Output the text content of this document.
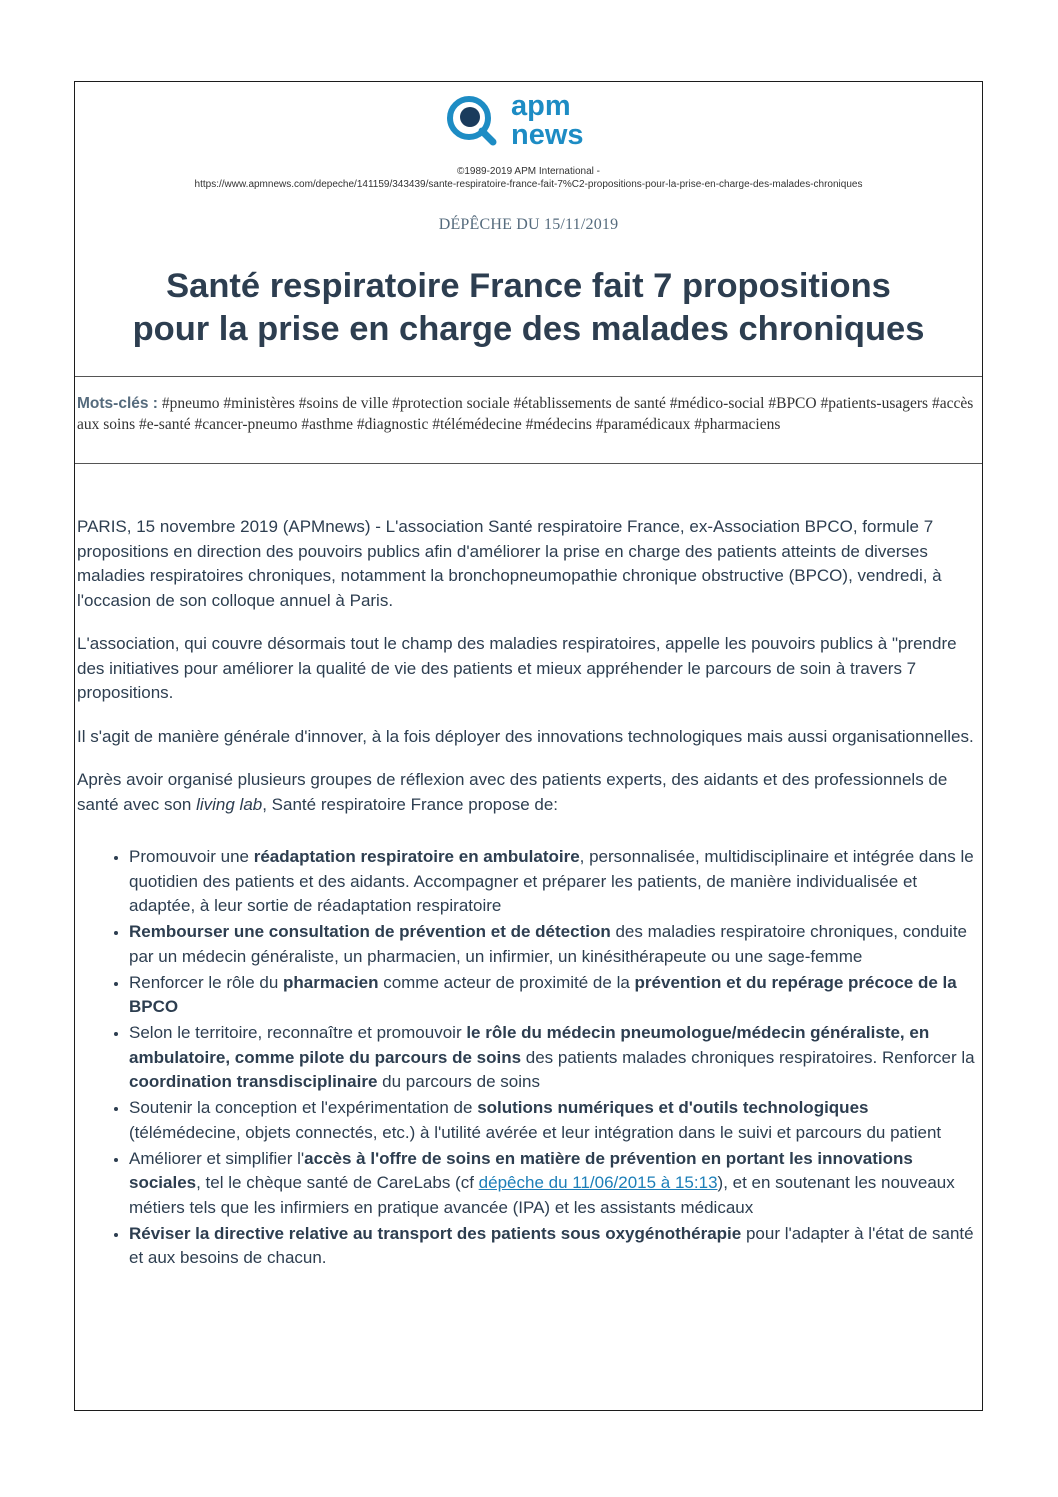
apm
news
©1989-2019 APM International -
https://www.apmnews.com/depeche/141159/343439/sante-respiratoire-france-fait-7%C2-propositions-pour-la-prise-en-charge-des-malades-chroniques
DÉPÊCHE DU 15/11/2019
Santé respiratoire France fait 7 propositions
pour la prise en charge des malades chroniques
Mots-clés : #pneumo #ministères #soins de ville #protection sociale #établissements de santé #médico-social #BPCO #patients-usagers #accès aux soins #e-santé #cancer-pneumo #asthme #diagnostic #télémédecine #médecins #paramédicaux #pharmaciens

PARIS, 15 novembre 2019 (APMnews) - L'association Santé respiratoire France, ex-Association BPCO, formule 7 propositions en direction des pouvoirs publics afin d'améliorer la prise en charge des patients atteints de diverses maladies respiratoires chroniques, notamment la bronchopneumopathie chronique obstructive (BPCO), vendredi, à l'occasion de son colloque annuel à Paris.

L'association, qui couvre désormais tout le champ des maladies respiratoires, appelle les pouvoirs publics à "prendre des initiatives pour améliorer la qualité de vie des patients et mieux appréhender le parcours de soin à travers 7 propositions.

Il s'agit de manière générale d'innover, à la fois déployer des innovations technologiques mais aussi organisationnelles.

Après avoir organisé plusieurs groupes de réflexion avec des patients experts, des aidants et des professionnels de santé avec son living lab, Santé respiratoire France propose de:

• Promouvoir une réadaptation respiratoire en ambulatoire, personnalisée, multidisciplinaire et intégrée dans le quotidien des patients et des aidants. Accompagner et préparer les patients, de manière individualisée et adaptée, à leur sortie de réadaptation respiratoire
• Rembourser une consultation de prévention et de détection des maladies respiratoire chroniques, conduite par un médecin généraliste, un pharmacien, un infirmier, un kinésithérapeute ou une sage-femme
• Renforcer le rôle du pharmacien comme acteur de proximité de la prévention et du repérage précoce de la BPCO
• Selon le territoire, reconnaître et promouvoir le rôle du médecin pneumologue/médecin généraliste, en ambulatoire, comme pilote du parcours de soins des patients malades chroniques respiratoires. Renforcer la coordination transdisciplinaire du parcours de soins
• Soutenir la conception et l'expérimentation de solutions numériques et d'outils technologiques (télémédecine, objets connectés, etc.) à l'utilité avérée et leur intégration dans le suivi et parcours du patient
• Améliorer et simplifier l'accès à l'offre de soins en matière de prévention en portant les innovations sociales, tel le chèque santé de CareLabs (cf dépêche du 11/06/2015 à 15:13), et en soutenant les nouveaux métiers tels que les infirmiers en pratique avancée (IPA) et les assistants médicaux
• Réviser la directive relative au transport des patients sous oxygénothérapie pour l'adapter à l'état de santé et aux besoins de chacun.
